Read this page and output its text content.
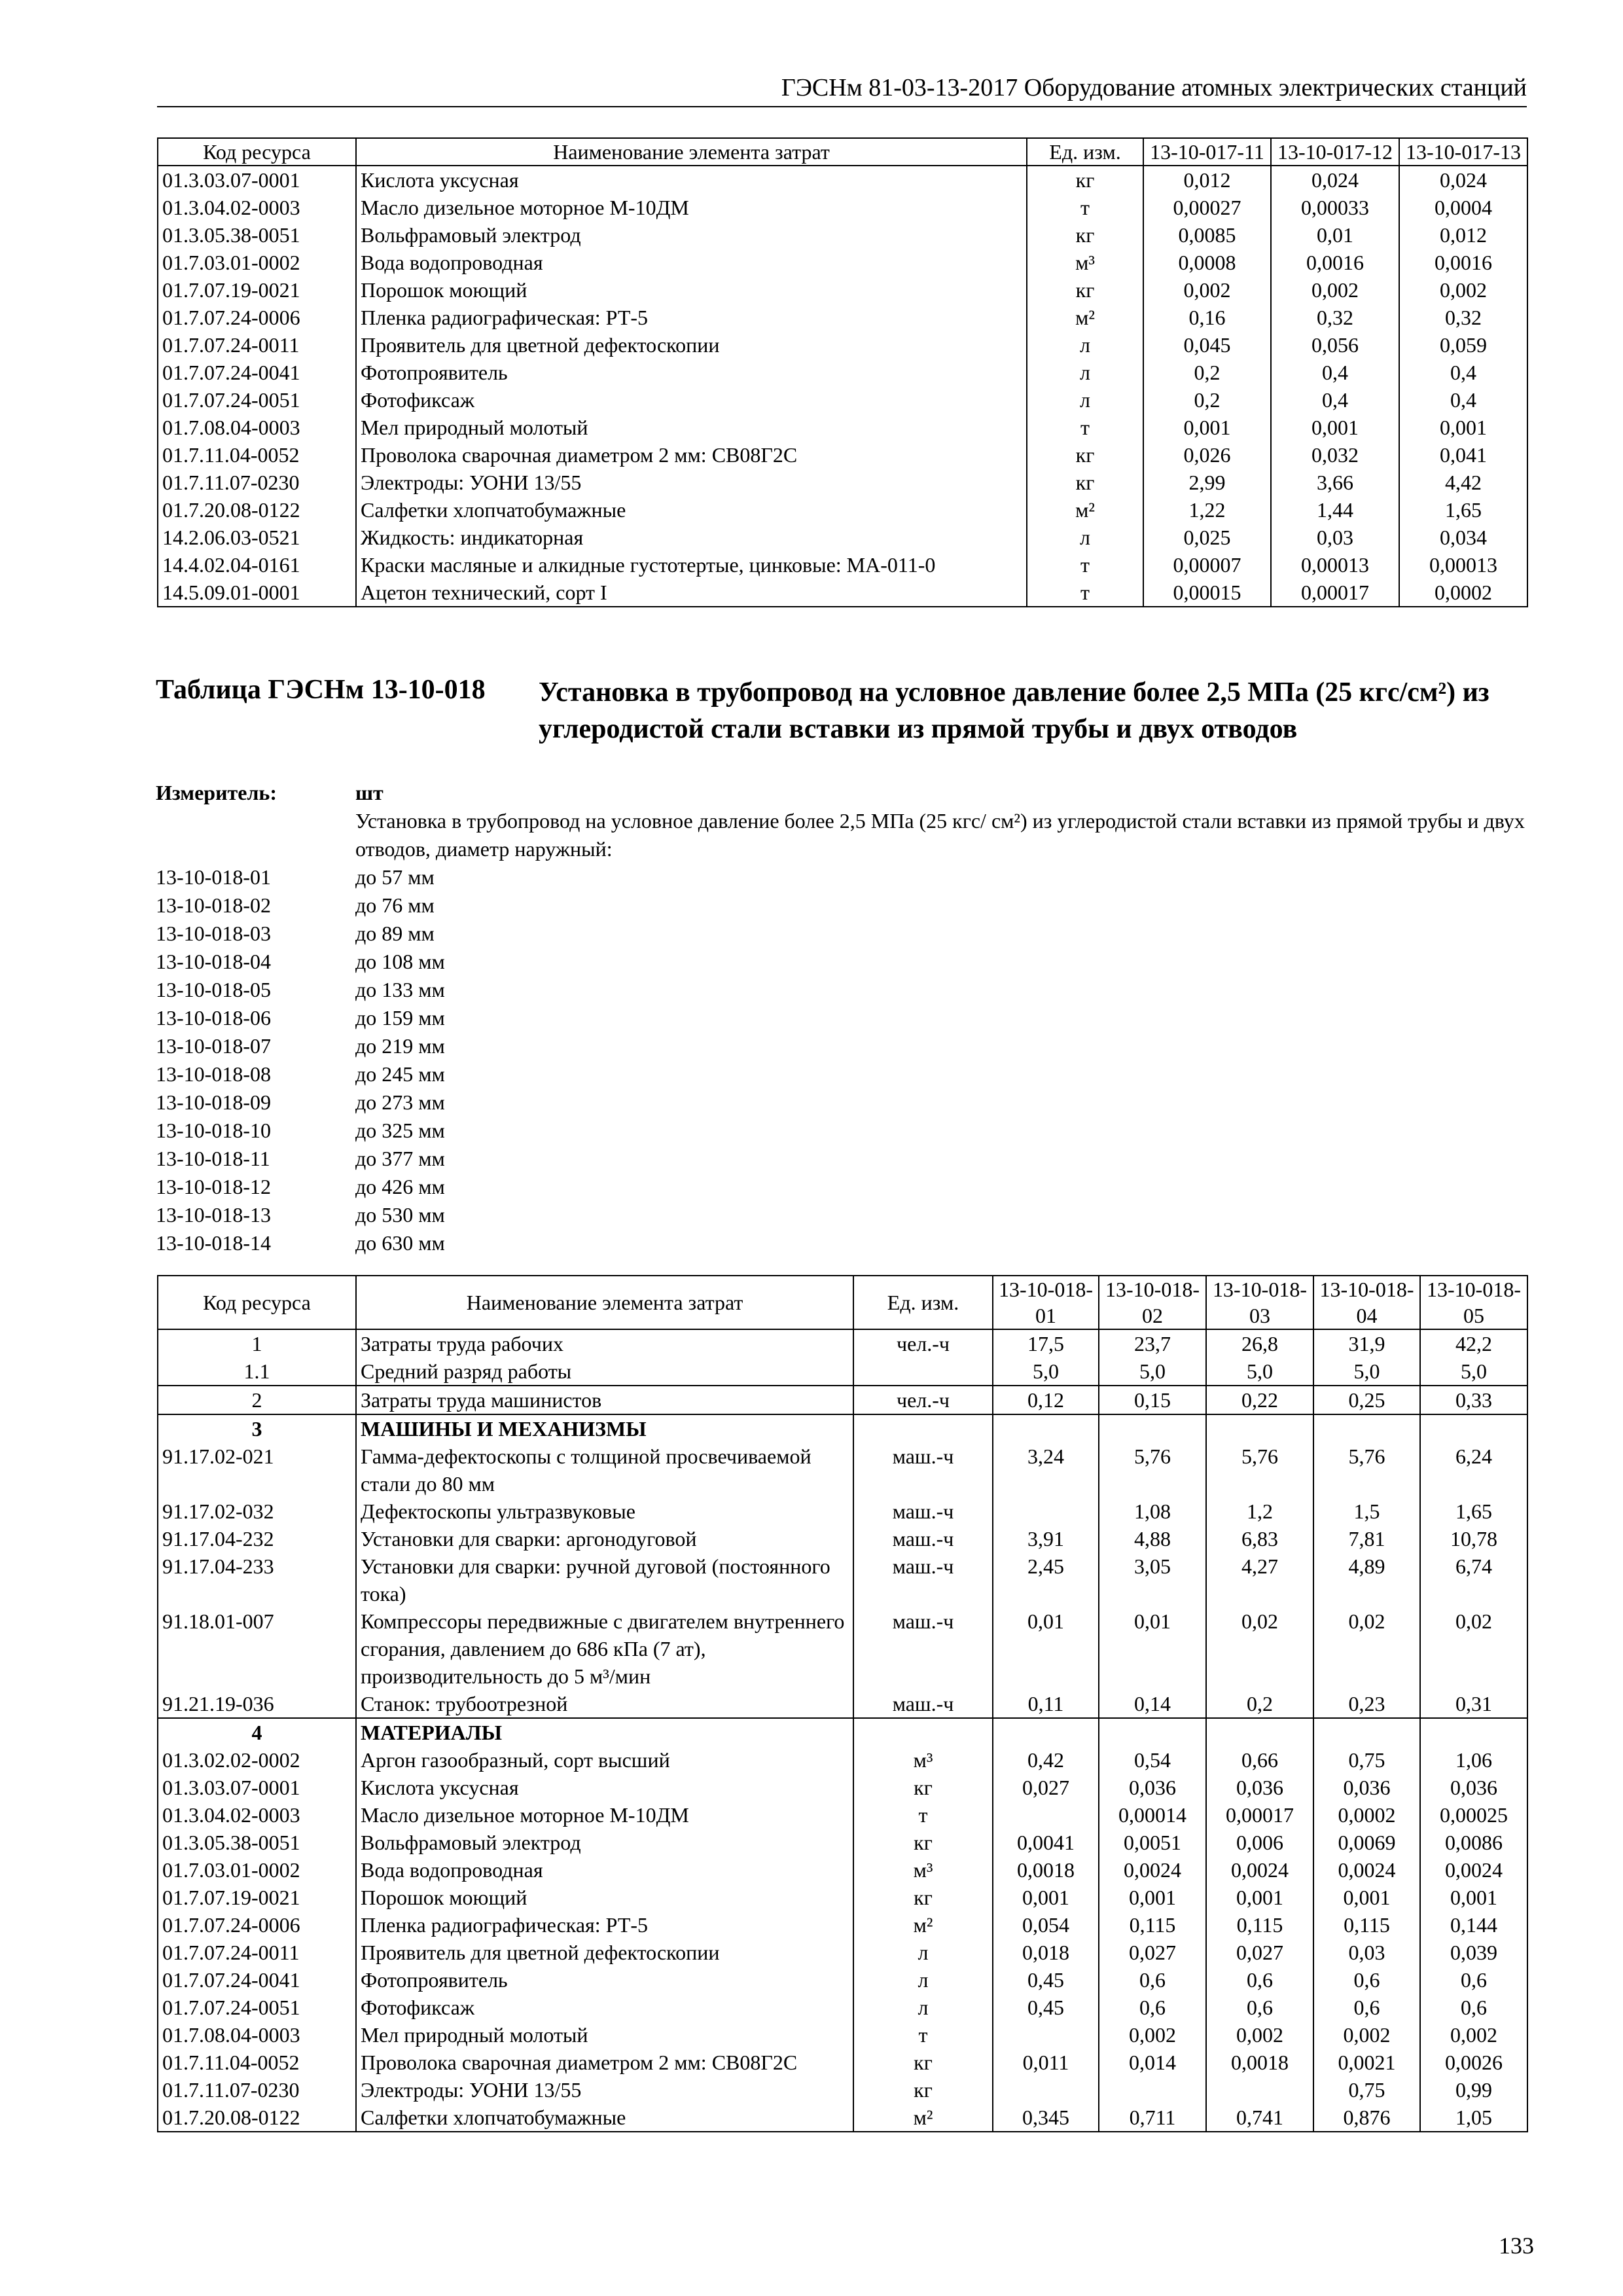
ГЭСНм 81-03-13-2017 Оборудование атомных электрических станций
Код ресурса	Наименование элемента затрат	Ед. изм.	13-10-017-11	13-10-017-12	13-10-017-13
01.3.03.07-0001	Кислота уксусная	кг	0,012	0,024	0,024
01.3.04.02-0003	Масло дизельное моторное М-10ДМ	т	0,00027	0,00033	0,0004
01.3.05.38-0051	Вольфрамовый электрод	кг	0,0085	0,01	0,012
01.7.03.01-0002	Вода водопроводная	м³	0,0008	0,0016	0,0016
01.7.07.19-0021	Порошок моющий	кг	0,002	0,002	0,002
01.7.07.24-0006	Пленка радиографическая: РТ-5	м²	0,16	0,32	0,32
01.7.07.24-0011	Проявитель для цветной дефектоскопии	л	0,045	0,056	0,059
01.7.07.24-0041	Фотопроявитель	л	0,2	0,4	0,4
01.7.07.24-0051	Фотофиксаж	л	0,2	0,4	0,4
01.7.08.04-0003	Мел природный молотый	т	0,001	0,001	0,001
01.7.11.04-0052	Проволока сварочная диаметром 2 мм: СВ08Г2С	кг	0,026	0,032	0,041
01.7.11.07-0230	Электроды: УОНИ 13/55	кг	2,99	3,66	4,42
01.7.20.08-0122	Салфетки хлопчатобумажные	м²	1,22	1,44	1,65
14.2.06.03-0521	Жидкость: индикаторная	л	0,025	0,03	0,034
14.4.02.04-0161	Краски масляные и алкидные густотертые, цинковые: МА-011-0	т	0,00007	0,00013	0,00013
14.5.09.01-0001	Ацетон технический, сорт I	т	0,00015	0,00017	0,0002
Таблица ГЭСНм 13-10-018 Установка в трубопровод на условное давление более 2,5 МПа (25 кгс/см²) из углеродистой стали вставки из прямой трубы и двух отводов
Измеритель:	шт
Установка в трубопровод на условное давление более 2,5 МПа (25 кгс/ см²) из углеродистой стали вставки из прямой трубы и двух отводов, диаметр наружный:
13-10-018-01	до 57 мм
13-10-018-02	до 76 мм
13-10-018-03	до 89 мм
13-10-018-04	до 108 мм
13-10-018-05	до 133 мм
13-10-018-06	до 159 мм
13-10-018-07	до 219 мм
13-10-018-08	до 245 мм
13-10-018-09	до 273 мм
13-10-018-10	до 325 мм
13-10-018-11	до 377 мм
13-10-018-12	до 426 мм
13-10-018-13	до 530 мм
13-10-018-14	до 630 мм
Код ресурса	Наименование элемента затрат	Ед. изм.	13-10-018-01	13-10-018-02	13-10-018-03	13-10-018-04	13-10-018-05
1	Затраты труда рабочих	чел.-ч	17,5	23,7	26,8	31,9	42,2
1.1	Средний разряд работы		5,0	5,0	5,0	5,0	5,0
2	Затраты труда машинистов	чел.-ч	0,12	0,15	0,22	0,25	0,33
3	МАШИНЫ И МЕХАНИЗМЫ						
91.17.02-021	Гамма-дефектоскопы с толщиной просвечиваемой стали до 80 мм	маш.-ч	3,24	5,76	5,76	5,76	6,24
91.17.02-032	Дефектоскопы ультразвуковые	маш.-ч		1,08	1,2	1,5	1,65
91.17.04-232	Установки для сварки: аргонодуговой	маш.-ч	3,91	4,88	6,83	7,81	10,78
91.17.04-233	Установки для сварки: ручной дуговой (постоянного тока)	маш.-ч	2,45	3,05	4,27	4,89	6,74
91.18.01-007	Компрессоры передвижные с двигателем внутреннего сгорания, давлением до 686 кПа (7 ат), производительность до 5 м³/мин	маш.-ч	0,01	0,01	0,02	0,02	0,02
91.21.19-036	Станок: трубоотрезной	маш.-ч	0,11	0,14	0,2	0,23	0,31
4	МАТЕРИАЛЫ						
01.3.02.02-0002	Аргон газообразный, сорт высший	м³	0,42	0,54	0,66	0,75	1,06
01.3.03.07-0001	Кислота уксусная	кг	0,027	0,036	0,036	0,036	0,036
01.3.04.02-0003	Масло дизельное моторное М-10ДМ	т		0,00014	0,00017	0,0002	0,00025
01.3.05.38-0051	Вольфрамовый электрод	кг	0,0041	0,0051	0,006	0,0069	0,0086
01.7.03.01-0002	Вода водопроводная	м³	0,0018	0,0024	0,0024	0,0024	0,0024
01.7.07.19-0021	Порошок моющий	кг	0,001	0,001	0,001	0,001	0,001
01.7.07.24-0006	Пленка радиографическая: РТ-5	м²	0,054	0,115	0,115	0,115	0,144
01.7.07.24-0011	Проявитель для цветной дефектоскопии	л	0,018	0,027	0,027	0,03	0,039
01.7.07.24-0041	Фотопроявитель	л	0,45	0,6	0,6	0,6	0,6
01.7.07.24-0051	Фотофиксаж	л	0,45	0,6	0,6	0,6	0,6
01.7.08.04-0003	Мел природный молотый	т		0,002	0,002	0,002	0,002
01.7.11.04-0052	Проволока сварочная диаметром 2 мм: СВ08Г2С	кг	0,011	0,014	0,0018	0,0021	0,0026
01.7.11.07-0230	Электроды: УОНИ 13/55	кг				0,75	0,99
01.7.20.08-0122	Салфетки хлопчатобумажные	м²	0,345	0,711	0,741	0,876	1,05
133
